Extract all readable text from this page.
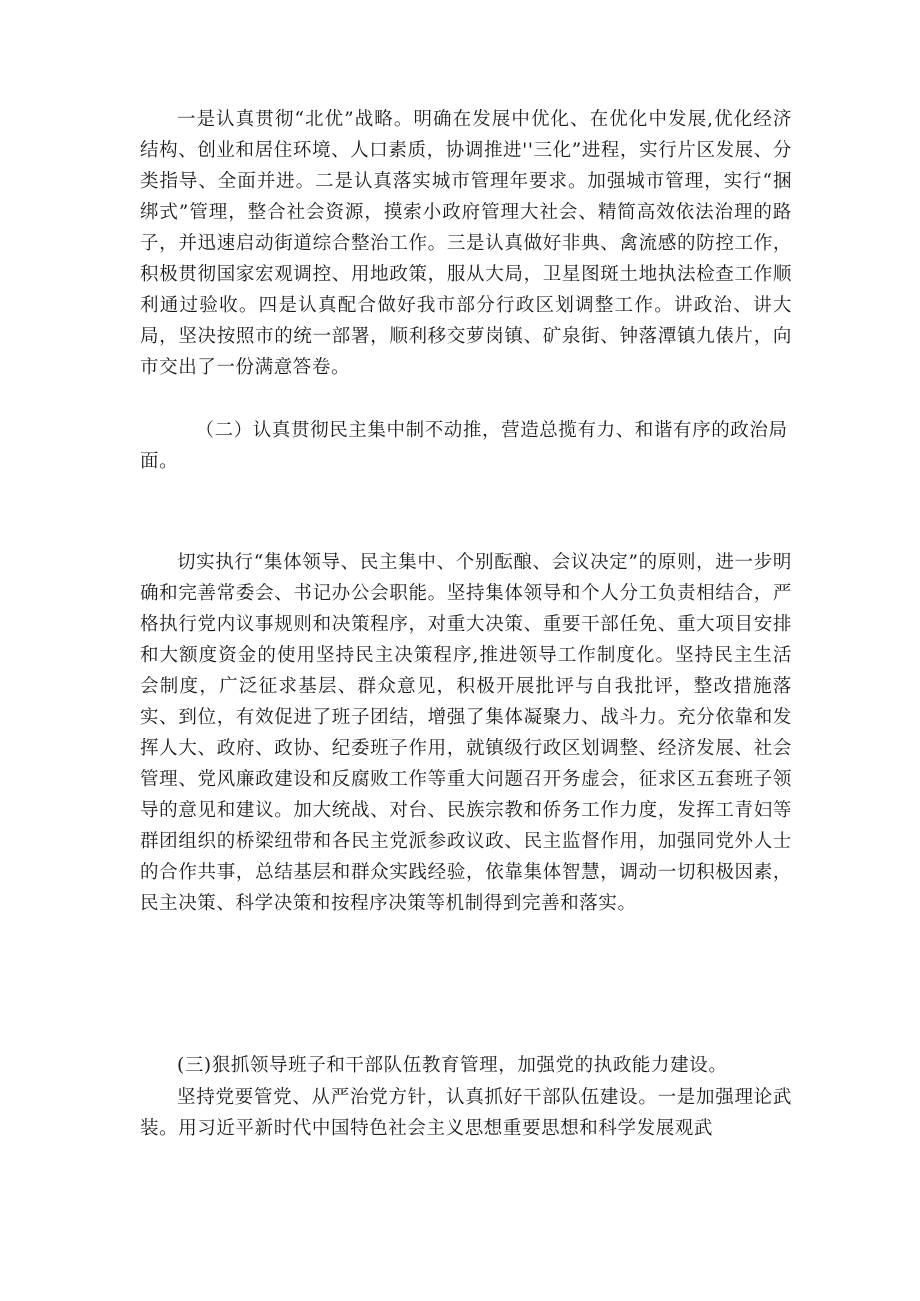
一是认真贯彻“北优”战略。明确在发展中优化、在优化中发展,优化经济结构、创业和居住环境、人口素质，协调推进''三化”进程，实行片区发展、分类指导、全面并进。二是认真落实城市管理年要求。加强城市管理，实行“捆绑式”管理，整合社会资源，摸索小政府管理大社会、精简高效依法治理的路子，并迅速启动街道综合整治工作。三是认真做好非典、禽流感的防控工作，积极贯彻国家宏观调控、用地政策，服从大局，卫星图斑土地执法检查工作顺利通过验收。四是认真配合做好我市部分行政区划调整工作。讲政治、讲大局，坚决按照市的统一部署，顺利移交萝岗镇、矿泉街、钟落潭镇九俵片，向市交出了一份满意答卷。

（二）认真贯彻民主集中制不动推，营造总揽有力、和谐有序的政治局面。

切实执行“集体领导、民主集中、个别酝酿、会议决定”的原则，进一步明确和完善常委会、书记办公会职能。坚持集体领导和个人分工负责相结合，严格执行党内议事规则和决策程序，对重大决策、重要干部任免、重大项目安排和大额度资金的使用坚持民主决策程序,推进领导工作制度化。坚持民主生活会制度，广泛征求基层、群众意见，积极开展批评与自我批评，整改措施落实、到位，有效促进了班子团结，增强了集体凝聚力、战斗力。充分依靠和发挥人大、政府、政协、纪委班子作用，就镇级行政区划调整、经济发展、社会管理、党风廉政建设和反腐败工作等重大问题召开务虚会，征求区五套班子领导的意见和建议。加大统战、对台、民族宗教和侨务工作力度，发挥工青妇等群团组织的桥梁纽带和各民主党派参政议政、民主监督作用，加强同党外人士的合作共事，总结基层和群众实践经验，依靠集体智慧，调动一切积极因素，民主决策、科学决策和按程序决策等机制得到完善和落实。

(三)狠抓领导班子和干部队伍教育管理，加强党的执政能力建设。

坚持党要管党、从严治党方针，认真抓好干部队伍建设。一是加强理论武装。用习近平新时代中国特色社会主义思想重要思想和科学发展观武
